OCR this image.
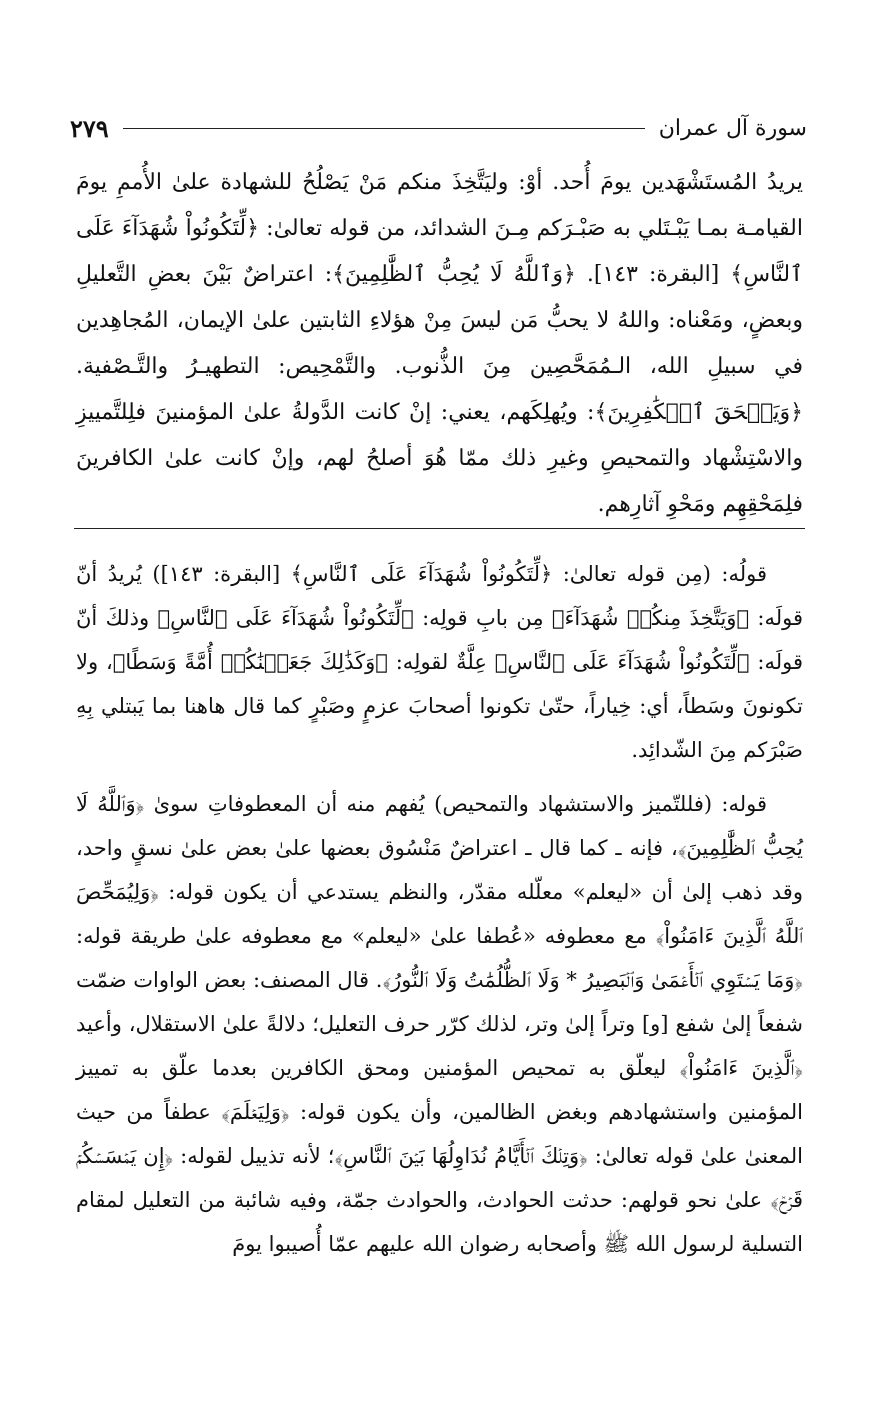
سورة آل عمران
٢٧٩

يريدُ المُستَشْهَدين يومَ أُحد. أوْ: وليَتَّخِذَ منكم مَنْ يَصْلُحُ للشهادة علىٰ الأُممِ يومَ القيامـة بمـا يَبْـتَلي به صَبْـرَكم مِـنَ الشدائد، من قوله تعالىٰ: ﴿لِّتَكُونُواْ شُهَدَآءَ عَلَى ٱلنَّاسِ﴾ [البقرة: ١٤٣]. ﴿وَٱللَّهُ لَا يُحِبُّ ٱلظَّٰلِمِينَ﴾: اعتراضٌ بَيْنَ بعضِ التَّعليلِ وبعضٍ، ومَعْناه: واللهُ لا يحبُّ مَن ليسَ مِنْ هؤلاءِ الثابتين علىٰ الإيمان، المُجاهِدين في سبيلِ الله، الـمُمَحَّصِين مِنَ الذُّنوب. والتَّمْحِيص: التطهيـرُ والتَّـصْفية. ﴿وَيَمۡحَقَ ٱلۡكَٰفِرِينَ﴾: ويُهلِكَهم، يعني: إنْ كانت الدَّولةُ علىٰ المؤمنينَ فلِلتَّمييزِ والاسْتِشْهاد والتمحيصِ وغيرِ ذلك ممّا هُوَ أصلحُ لهم، وإنْ كانت علىٰ الكافرينَ فلِمَحْقِهِم ومَحْوِ آثارِهم.

قولُه: (مِن قوله تعالىٰ: ﴿لِّتَكُونُواْ شُهَدَآءَ عَلَى ٱلنَّاسِ﴾ [البقرة: ١٤٣]) يُريدُ أنّ قولَه: ﴿وَيَتَّخِذَ مِنكُمۡ شُهَدَآءَ﴾ مِن بابِ قولِه: ﴿لِّتَكُونُواْ شُهَدَآءَ عَلَى ٱلنَّاسِ﴾ وذلكَ أنّ قولَه: ﴿لِّتَكُونُواْ شُهَدَآءَ عَلَى ٱلنَّاسِ﴾ عِلَّةٌ لقولِه: ﴿وَكَذَٰلِكَ جَعَلۡنَٰكُمۡ أُمَّةً وَسَطًا﴾، ولا تكونونَ وسَطاً، أي: خِياراً، حتّىٰ تكونوا أصحابَ عزمٍ وصَبْرٍ كما قال هاهنا بما يَبتلي بِهِ صَبْرَكم مِنَ الشّدائِد.

قوله: (فللتّميز والاستشهاد والتمحيص) يُفهم منه أن المعطوفاتِ سوىٰ ﴿وَٱللَّهُ لَا يُحِبُّ ٱلظَّٰلِمِينَ﴾، فإنه ـ كما قال ـ اعتراضٌ مَنْسُوق بعضها علىٰ بعض علىٰ نسقٍ واحد، وقد ذهب إلىٰ أن «ليعلم» معلّله مقدّر، والنظم يستدعي أن يكون قوله: ﴿وَلِيُمَحِّصَ ٱللَّهُ ٱلَّذِينَ ءَامَنُواْ﴾ مع معطوفه «عُطفا علىٰ «ليعلم» مع معطوفه علىٰ طريقة قوله: ﴿وَمَا يَسۡتَوِي ٱلۡأَعۡمَىٰ وَٱلۡبَصِيرُ * وَلَا ٱلظُّلُمَٰتُ وَلَا ٱلنُّورُ﴾. قال المصنف: بعض الواوات ضمّت شفعاً إلىٰ شفع [و] وتراً إلىٰ وتر، لذلك كرّر حرف التعليل؛ دلالةً علىٰ الاستقلال، وأعيد ﴿ٱلَّذِينَ ءَامَنُواْ﴾ ليعلّق به تمحيص المؤمنين ومحق الكافرين بعدما علّق به تمييز المؤمنين واستشهادهم وبغض الظالمين، وأن يكون قوله: ﴿وَلِيَعۡلَمَ﴾ عطفاً من حيث المعنىٰ علىٰ قوله تعالىٰ: ﴿وَتِلۡكَ ٱلۡأَيَّامُ نُدَاوِلُهَا بَيۡنَ ٱلنَّاسِ﴾؛ لأنه تذييل لقوله: ﴿إِن يَمۡسَسۡكُمۡ قَرۡحٞ﴾ علىٰ نحو قولهم: حدثت الحوادث، والحوادث جمّة، وفيه شائبة من التعليل لمقام التسلية لرسول الله ﷺ وأصحابه رضوان الله عليهم عمّا أُصيبوا يومَ
